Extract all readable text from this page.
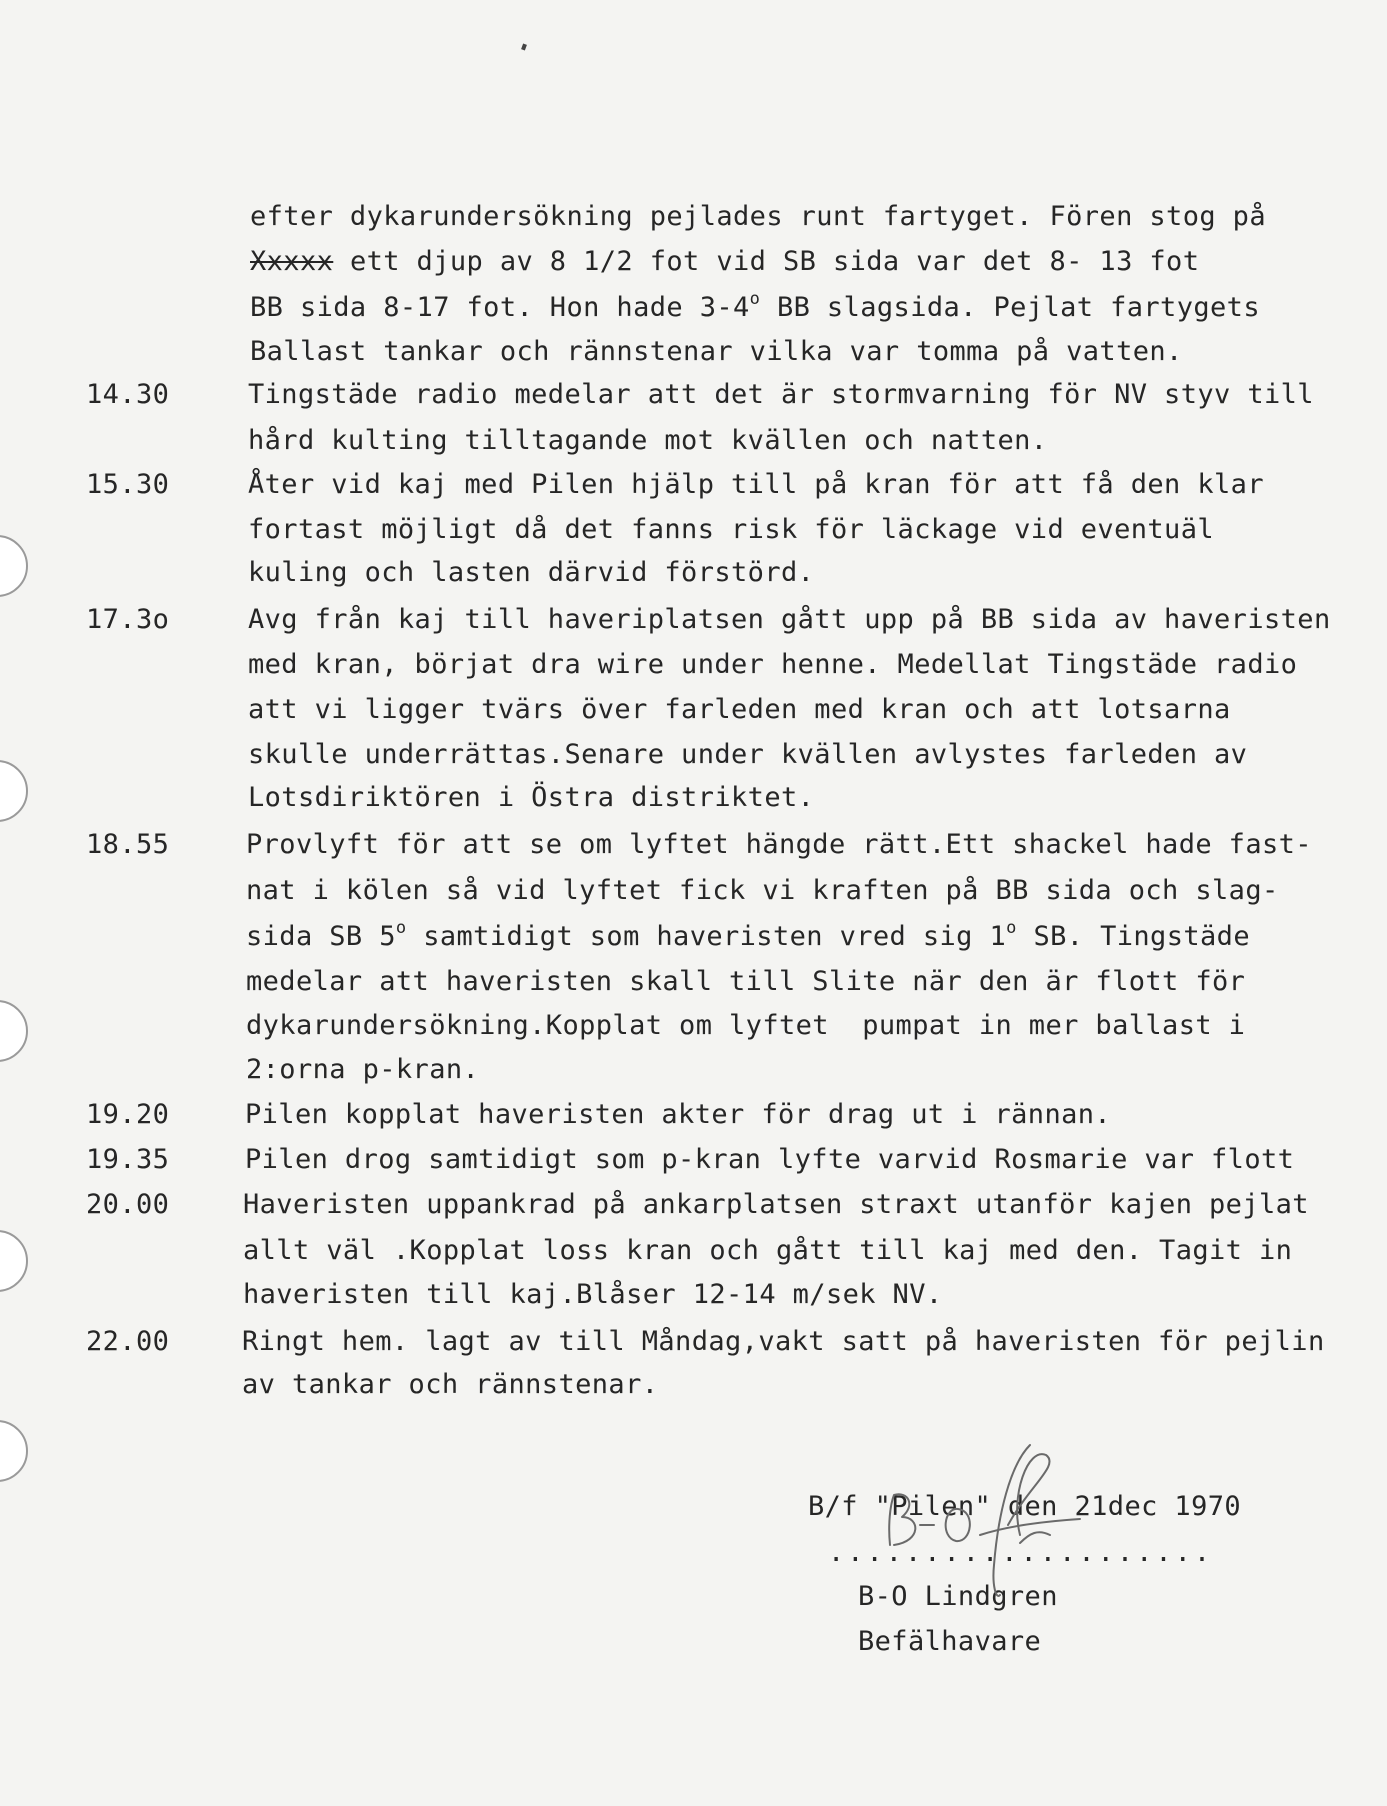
efter dykarundersökning pejlades runt fartyget. Fören stog på
Xxxxx ett djup av 8 1/2 fot vid SB sida var det 8- 13 fot
BB sida 8-17 fot. Hon hade 3-4$^o$ BB slagsida. Pejlat fartygets
Ballast tankar och rännstenar vilka var tomma på vatten.
14.30	Tingstäde radio medelar att det är stormvarning för NV styv till
hård kulting tilltagande mot kvällen och natten.
15.30	Åter vid kaj med Pilen hjälp till på kran för att få den klar
fortast möjligt då det fanns risk för läckage vid eventuäl
kuling och lasten därvid förstörd.
17.3o	Avg från kaj till haveriplatsen gått upp på BB sida av haveristen
med kran, börjat dra wire under henne. Medellat Tingstäde radio
att vi ligger tvärs över farleden med kran och att lotsarna
skulle underrättas.Senare under kvällen avlystes farleden av
Lotsdiriktören i Östra distriktet.
18.55	Provlyft för att se om lyftet hängde rätt.Ett shackel hade fast-
nat i kölen så vid lyftet fick vi kraften på BB sida och slag-
sida SB 5$^o$ samtidigt som haveristen vred sig 1$^o$ SB. Tingstäde
medelar att haveristen skall till Slite när den är flott för
dykarundersökning.Kopplat om lyftet  pumpat in mer ballast i
2:orna p-kran.
19.20	Pilen kopplat haveristen akter för drag ut i rännan.
19.35	Pilen drog samtidigt som p-kran lyfte varvid Rosmarie var flott
20.00	Haveristen uppankrad på ankarplatsen straxt utanför kajen pejlat
allt väl .Kopplat loss kran och gått till kaj med den. Tagit in
haveristen till kaj.Blåser 12-14 m/sek NV.
22.00	Ringt hem. lagt av till Måndag,vakt satt på haveristen för pejlin
av tankar och rännstenar.
B/f "Pilen" den 21dec 1970
....................
B-O Lindgren
Befälhavare
